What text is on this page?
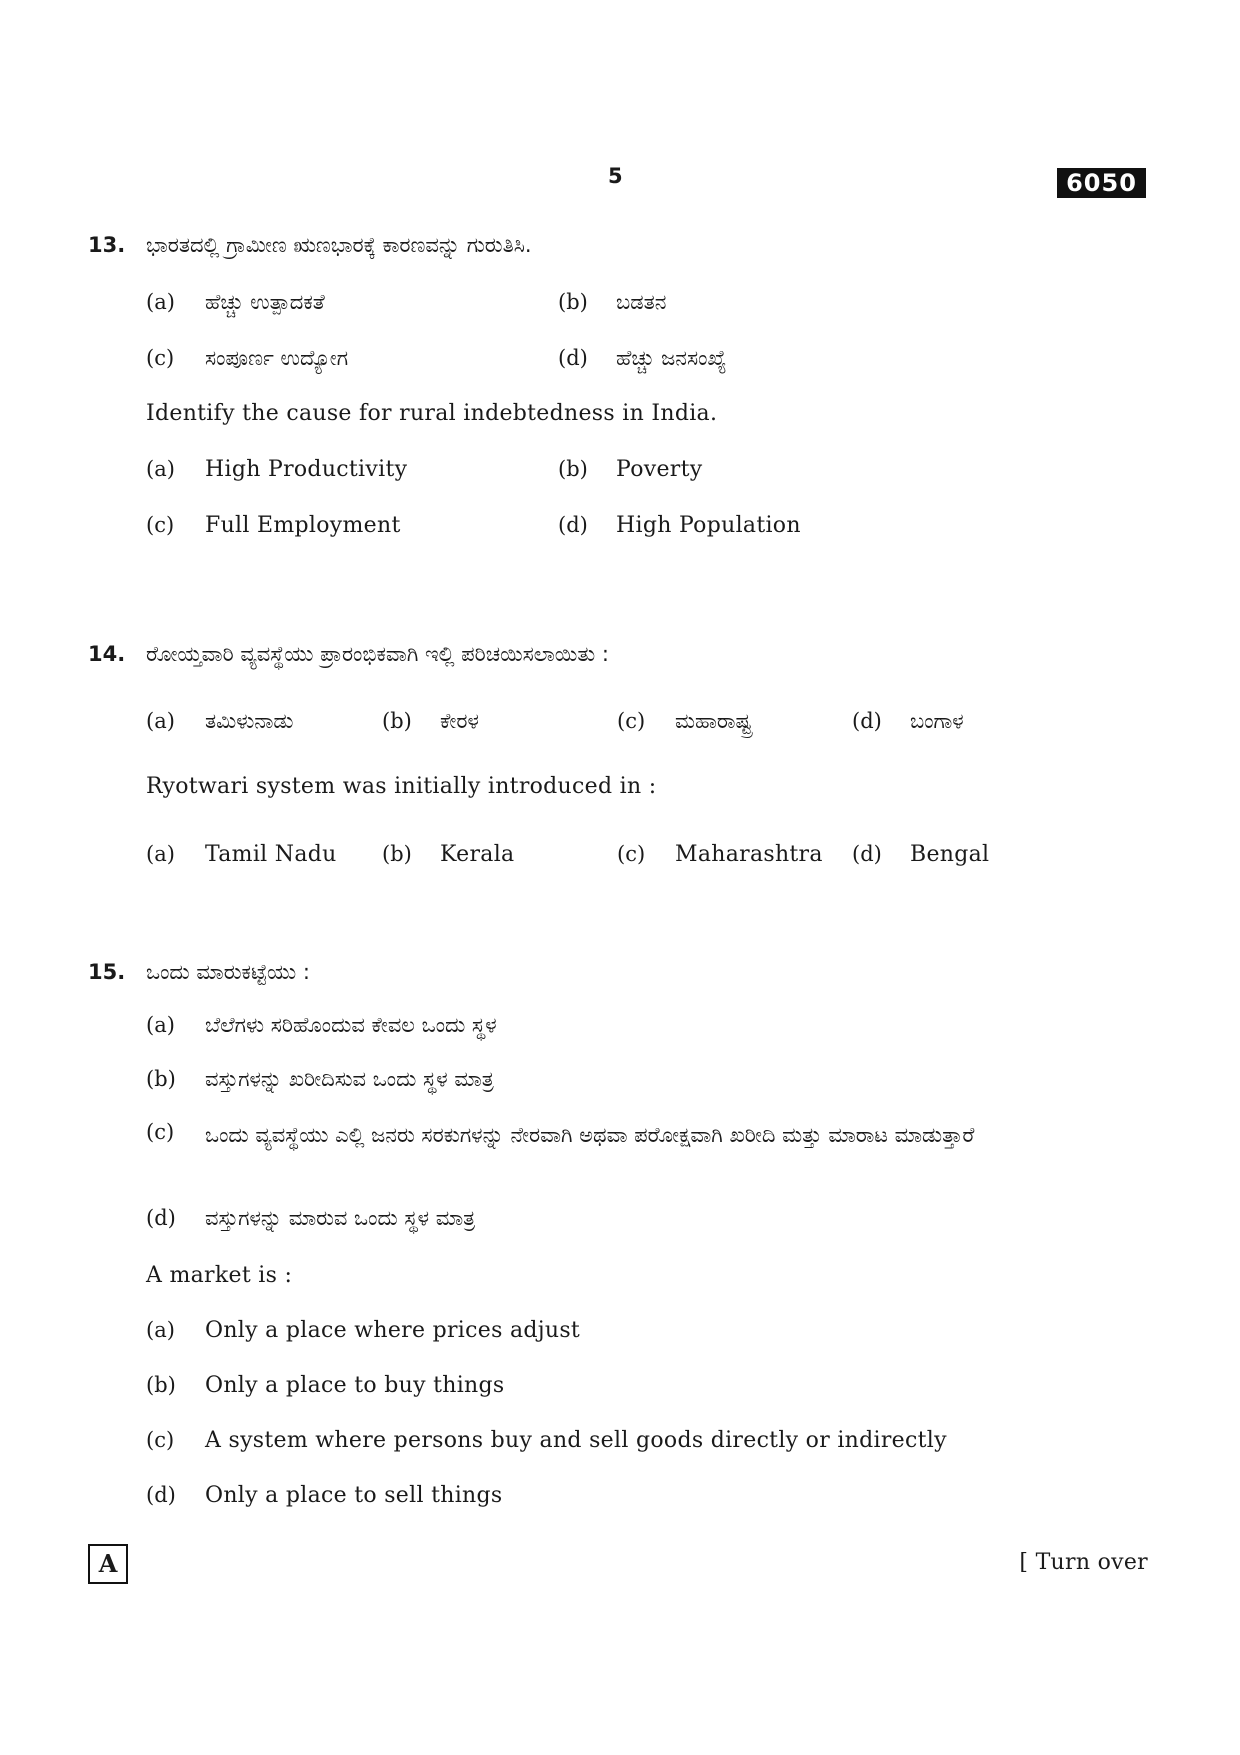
5	6050
13. ಭಾರತದಲ್ಲಿ ಗ್ರಾಮೀಣ ಋಣಭಾರಕ್ಕೆ ಕಾರಣವನ್ನು ಗುರುತಿಸಿ.
(a) ಹೆಚ್ಚು ಉತ್ಪಾದಕತೆ	(b) ಬಡತನ
(c) ಸಂಪೂರ್ಣ ಉದ್ಯೋಗ	(d) ಹೆಚ್ಚು ಜನಸಂಖ್ಯೆ
Identify the cause for rural indebtedness in India.
(a) High Productivity	(b) Poverty
(c) Full Employment	(d) High Population
14. ರೋಯ್ತವಾರಿ ವ್ಯವಸ್ಥೆಯು ಪ್ರಾರಂಭಿಕವಾಗಿ ಇಲ್ಲಿ ಪರಿಚಯಿಸಲಾಯಿತು :
(a) ತಮಿಳುನಾಡು	(b) ಕೇರಳ	(c) ಮಹಾರಾಷ್ಟ್ರ	(d) ಬಂಗಾಳ
Ryotwari system was initially introduced in :
(a) Tamil Nadu (b) Kerala	(c) Maharashtra (d) Bengal
15. ಒಂದು ಮಾರುಕಟ್ಟೆಯು :
(a) ಬೆಲೆಗಳು ಸರಿಹೊಂದುವ ಕೇವಲ ಒಂದು ಸ್ಥಳ
(b) ವಸ್ತುಗಳನ್ನು ಖರೀದಿಸುವ ಒಂದು ಸ್ಥಳ ಮಾತ್ರ
(c) ಒಂದು ವ್ಯವಸ್ಥೆಯು ಎಲ್ಲಿ ಜನರು ಸರಕುಗಳನ್ನು ನೇರವಾಗಿ ಅಥವಾ ಪರೋಕ್ಷವಾಗಿ ಖರೀದಿ ಮತ್ತು ಮಾರಾಟ ಮಾಡುತ್ತಾರೆ
(d) ವಸ್ತುಗಳನ್ನು ಮಾರುವ ಒಂದು ಸ್ಥಳ ಮಾತ್ರ
A market is :
(a) Only a place where prices adjust
(b) Only a place to buy things
(c) A system where persons buy and sell goods directly or indirectly
(d) Only a place to sell things
A	[ Turn over
